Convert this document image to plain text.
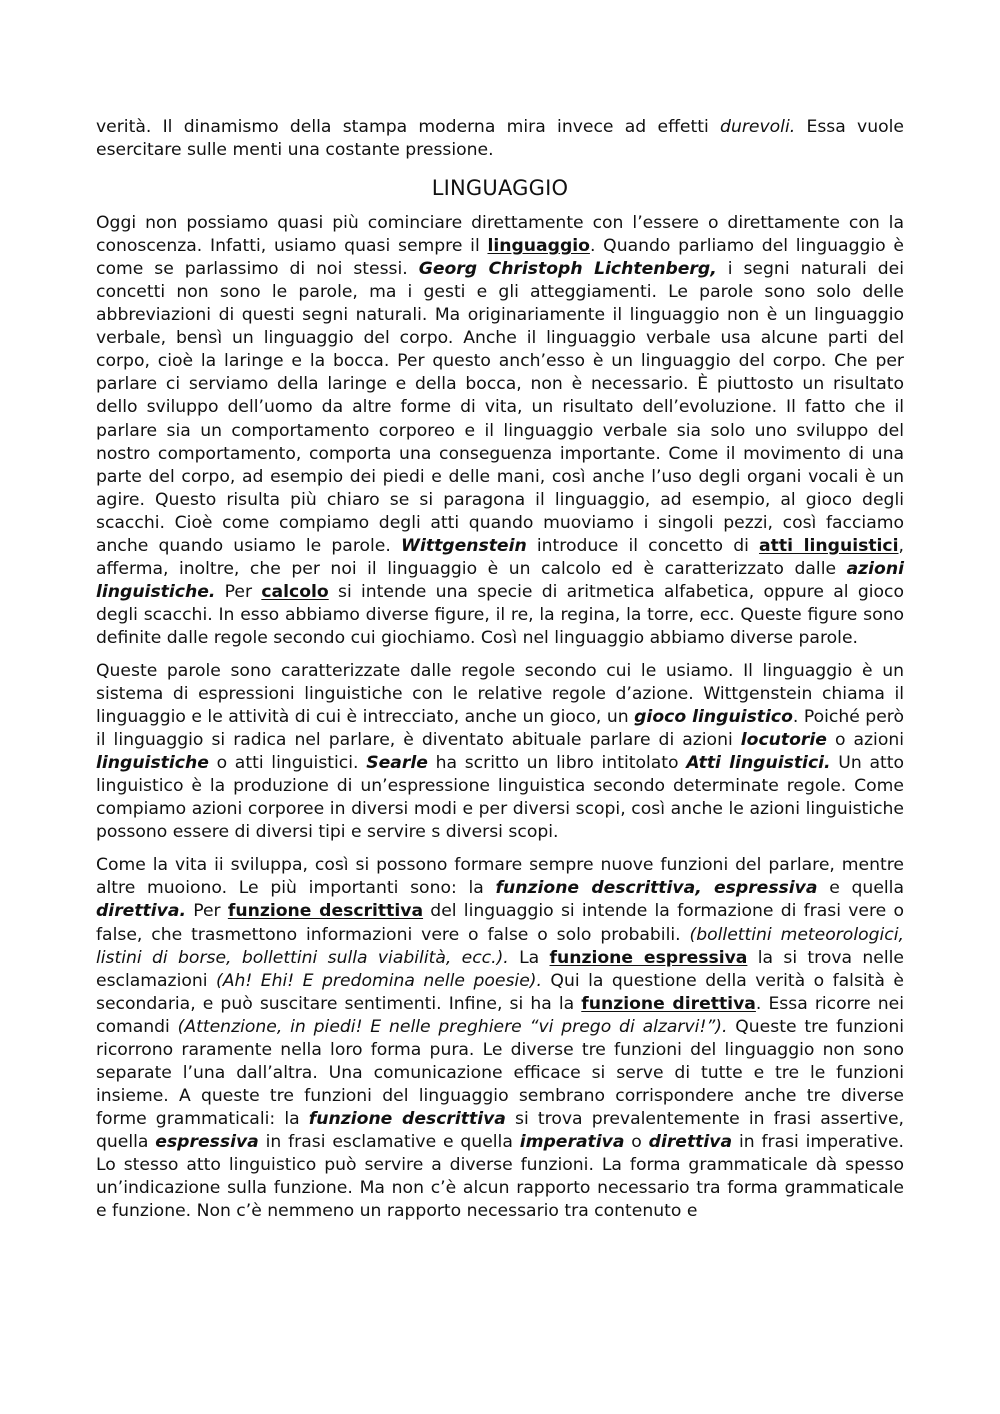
verità. Il dinamismo della stampa moderna mira invece ad effetti durevoli. Essa vuole esercitare sulle menti una costante pressione.

LINGUAGGIO

Oggi non possiamo quasi più cominciare direttamente con l’essere o direttamente con la conoscenza. Infatti, usiamo quasi sempre il linguaggio. Quando parliamo del linguaggio è come se parlassimo di noi stessi. Georg Christoph Lichtenberg, i segni naturali dei concetti non sono le parole, ma i gesti e gli atteggiamenti. Le parole sono solo delle abbreviazioni di questi segni naturali. Ma originariamente il linguaggio non è un linguaggio verbale, bensì un linguaggio del corpo. Anche il linguaggio verbale usa alcune parti del corpo, cioè la laringe e la bocca. Per questo anch’esso è un linguaggio del corpo. Che per parlare ci serviamo della laringe e della bocca, non è necessario. È piuttosto un risultato dello sviluppo dell’uomo da altre forme di vita, un risultato dell’evoluzione. Il fatto che il parlare sia un comportamento corporeo e il linguaggio verbale sia solo uno sviluppo del nostro comportamento, comporta una conseguenza importante. Come il movimento di una parte del corpo, ad esempio dei piedi e delle mani, così anche l’uso degli organi vocali è un agire. Questo risulta più chiaro se si paragona il linguaggio, ad esempio, al gioco degli scacchi. Cioè come compiamo degli atti quando muoviamo i singoli pezzi, così facciamo anche quando usiamo le parole. Wittgenstein introduce il concetto di atti linguistici, afferma, inoltre, che per noi il linguaggio è un calcolo ed è caratterizzato dalle azioni linguistiche. Per calcolo si intende una specie di aritmetica alfabetica, oppure al gioco degli scacchi. In esso abbiamo diverse figure, il re, la regina, la torre, ecc. Queste figure sono definite dalle regole secondo cui giochiamo. Così nel linguaggio abbiamo diverse parole.

Queste parole sono caratterizzate dalle regole secondo cui le usiamo. Il linguaggio è un sistema di espressioni linguistiche con le relative regole d’azione. Wittgenstein chiama il linguaggio e le attività di cui è intrecciato, anche un gioco, un gioco linguistico. Poiché però il linguaggio si radica nel parlare, è diventato abituale parlare di azioni locutorie o azioni linguistiche o atti linguistici. Searle ha scritto un libro intitolato Atti linguistici. Un atto linguistico è la produzione di un’espressione linguistica secondo determinate regole. Come compiamo azioni corporee in diversi modi e per diversi scopi, così anche le azioni linguistiche possono essere di diversi tipi e servire s diversi scopi.

Come la vita ii sviluppa, così si possono formare sempre nuove funzioni del parlare, mentre altre muoiono. Le più importanti sono: la funzione descrittiva, espressiva e quella direttiva. Per funzione descrittiva del linguaggio si intende la formazione di frasi vere o false, che trasmettono informazioni vere o false o solo probabili. (bollettini meteorologici, listini di borse, bollettini sulla viabilità, ecc.). La funzione espressiva la si trova nelle esclamazioni (Ah! Ehi! E predomina nelle poesie). Qui la questione della verità o falsità è secondaria, e può suscitare sentimenti. Infine, si ha la funzione direttiva. Essa ricorre nei comandi (Attenzione, in piedi! E nelle preghiere “vi prego di alzarvi!”). Queste tre funzioni ricorrono raramente nella loro forma pura. Le diverse tre funzioni del linguaggio non sono separate l’una dall’altra. Una comunicazione efficace si serve di tutte e tre le funzioni insieme. A queste tre funzioni del linguaggio sembrano corrispondere anche tre diverse forme grammaticali: la funzione descrittiva si trova prevalentemente in frasi assertive, quella espressiva in frasi esclamative e quella imperativa o direttiva in frasi imperative. Lo stesso atto linguistico può servire a diverse funzioni. La forma grammaticale dà spesso un’indicazione sulla funzione. Ma non c’è alcun rapporto necessario tra forma grammaticale e funzione. Non c’è nemmeno un rapporto necessario tra contenuto e
